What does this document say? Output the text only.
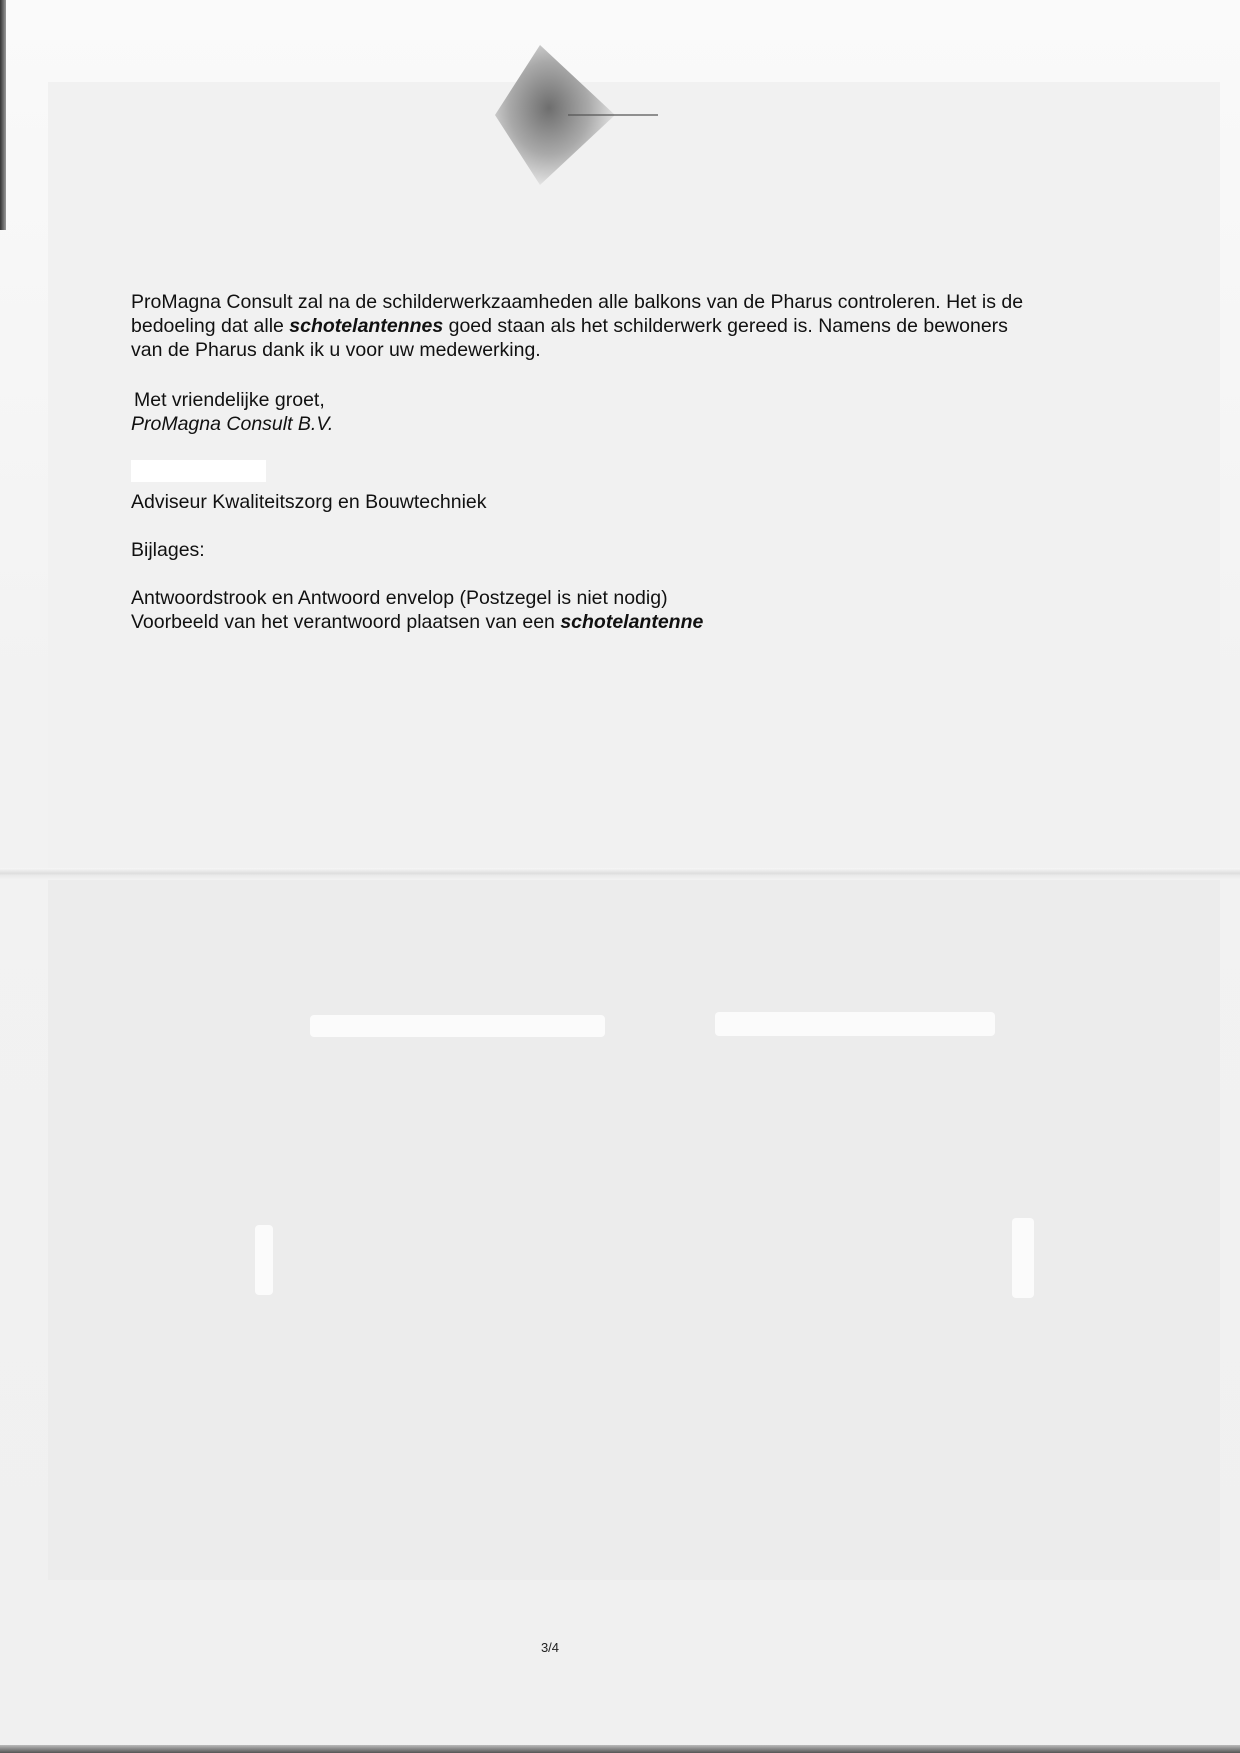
ProMagna Consult zal na de schilderwerkzaamheden alle balkons van de Pharus controleren. Het is de bedoeling dat alle schotelantennes goed staan als het schilderwerk gereed is. Namens de bewoners van de Pharus dank ik u voor uw medewerking.

Met vriendelijke groet,

ProMagna Consult B.V.

Adviseur Kwaliteitszorg en Bouwtechniek

Bijlages:

Antwoordstrook en Antwoord envelop (Postzegel is niet nodig)

Voorbeeld van het verantwoord plaatsen van een schotelantenne

3/4
